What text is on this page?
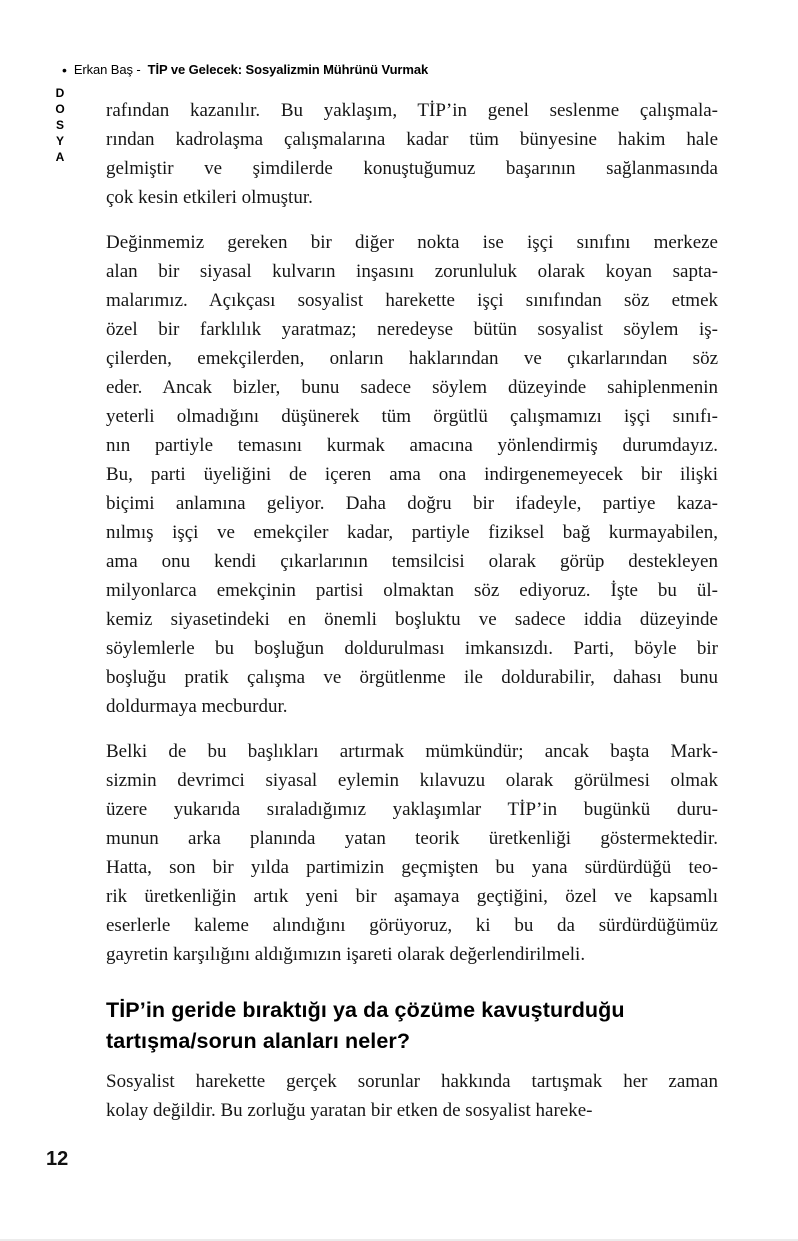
• Erkan Baş - TİP ve Gelecek: Sosyalizmin Mührünü Vurmak
DOSYA rafından kazanılır. Bu yaklaşım, TİP’in genel seslenme çalışmala-
rından kadrolaşma çalışmalarına kadar tüm bünyesine hakim hale
gelmiştir ve şimdilerde konuştuğumuz başarının sağlanmasında
çok kesin etkileri olmuştur.
Değinmemiz gereken bir diğer nokta ise işçi sınıfını merkeze
alan bir siyasal kulvarın inşasını zorunluluk olarak koyan sapta-
malarımız. Açıkçası sosyalist harekette işçi sınıfından söz etmek
özel bir farklılık yaratmaz; neredeyse bütün sosyalist söylem iş-
çilerden, emekçilerden, onların haklarından ve çıkarlarından söz
eder. Ancak bizler, bunu sadece söylem düzeyinde sahiplenmenin
yeterli olmadığını düşünerek tüm örgütlü çalışmamızı işçi sınıfı-
nın partiyle temasını kurmak amacına yönlendirmiş durumdayız.
Bu, parti üyeliğini de içeren ama ona indirgenemeyecek bir ilişki
biçimi anlamına geliyor. Daha doğru bir ifadeyle, partiye kaza-
nılmış işçi ve emekçiler kadar, partiyle fiziksel bağ kurmayabilen,
ama onu kendi çıkarlarının temsilcisi olarak görüp destekleyen
milyonlarca emekçinin partisi olmaktan söz ediyoruz. İşte bu ül-
kemiz siyasetindeki en önemli boşluktu ve sadece iddia düzeyinde
söylemlerle bu boşluğun doldurulması imkansızdı. Parti, böyle bir
boşluğu pratik çalışma ve örgütlenme ile doldurabilir, dahası bunu
doldurmaya mecburdur.
Belki de bu başlıkları artırmak mümkündür; ancak başta Mark-
sizmin devrimci siyasal eylemin kılavuzu olarak görülmesi olmak
üzere yukarıda sıraladığımız yaklaşımlar TİP’in bugünkü duru-
munun arka planında yatan teorik üretkenliği göstermektedir.
Hatta, son bir yılda partimizin geçmişten bu yana sürdürdüğü teo-
rik üretkenliğin artık yeni bir aşamaya geçtiğini, özel ve kapsamlı
eserlerle kaleme alındığını görüyoruz, ki bu da sürdürdüğümüz
gayretin karşılığını aldığımızın işareti olarak değerlendirilmeli.
TİP’in geride bıraktığı ya da çözüme kavuşturduğu
tartışma/sorun alanları neler?
Sosyalist harekette gerçek sorunlar hakkında tartışmak her zaman
kolay değildir. Bu zorluğu yaratan bir etken de sosyalist hareke-
12
